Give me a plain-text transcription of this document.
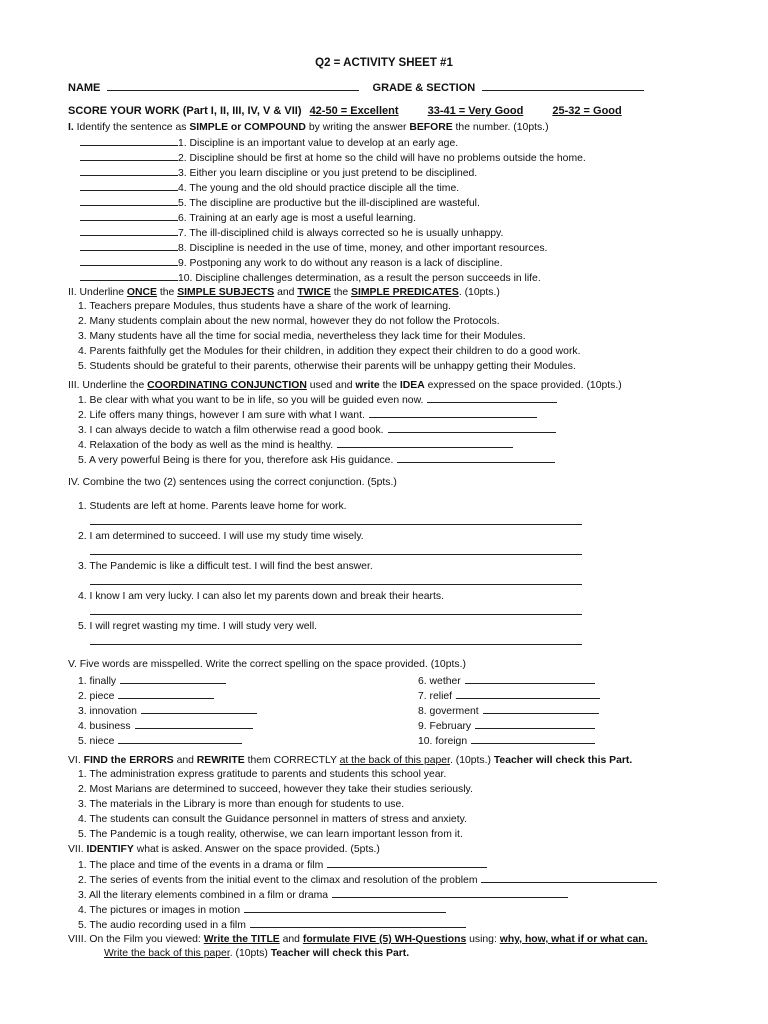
Q2 = ACTIVITY SHEET #1
NAME	GRADE & SECTION
SCORE YOUR WORK (Part I, II, III, IV, V & VII) 42-50 = Excellent	33-41 = Very Good	25-32 = Good
I. Identify the sentence as SIMPLE or COMPOUND by writing the answer BEFORE the number. (10pts.)
1. Discipline is an important value to develop at an early age.
2. Discipline should be first at home so the child will have no problems outside the home.
3. Either you learn discipline or you just pretend to be disciplined.
4. The young and the old should practice disciple all the time.
5. The discipline are productive but the ill-disciplined are wasteful.
6. Training at an early age is most a useful learning.
7. The ill-disciplined child is always corrected so he is usually unhappy.
8. Discipline is needed in the use of time, money, and other important resources.
9. Postponing any work to do without any reason is a lack of discipline.
10. Discipline challenges determination, as a result the person succeeds in life.
II. Underline ONCE the SIMPLE SUBJECTS and TWICE the SIMPLE PREDICATES. (10pts.)
1. Teachers prepare Modules, thus students have a share of the work of learning.
2. Many students complain about the new normal, however they do not follow the Protocols.
3. Many students have all the time for social media, nevertheless they lack time for their Modules.
4. Parents faithfully get the Modules for their children, in addition they expect their children to do a good work.
5. Students should be grateful to their parents, otherwise their parents will be unhappy getting their Modules.
III. Underline the COORDINATING CONJUNCTION used and write the IDEA expressed on the space provided. (10pts.)
1. Be clear with what you want to be in life, so you will be guided even now.
2. Life offers many things, however I am sure with what I want.
3. I can always decide to watch a film otherwise read a good book.
4. Relaxation of the body as well as the mind is healthy.
5. A very powerful Being is there for you, therefore ask His guidance.
IV. Combine the two (2) sentences using the correct conjunction. (5pts.)
1. Students are left at home. Parents leave home for work.
2. I am determined to succeed. I will use my study time wisely.
3. The Pandemic is like a difficult test. I will find the best answer.
4. I know I am very lucky. I can also let my parents down and break their hearts.
5. I will regret wasting my time. I will study very well.
V. Five words are misspelled. Write the correct spelling on the space provided. (10pts.)
1. finally
2. piece
3. innovation
4. business
5. niece
6. wether
7. relief
8. goverment
9. February
10. foreign
VI. FIND the ERRORS and REWRITE them CORRECTLY at the back of this paper. (10pts.) Teacher will check this Part.
1. The administration express gratitude to parents and students this school year.
2. Most Marians are determined to succeed, however they take their studies seriously.
3. The materials in the Library is more than enough for students to use.
4. The students can consult the Guidance personnel in matters of stress and anxiety.
5. The Pandemic is a tough reality, otherwise, we can learn important lesson from it.
VII. IDENTIFY what is asked. Answer on the space provided. (5pts.)
1. The place and time of the events in a drama or film
2. The series of events from the initial event to the climax and resolution of the problem
3. All the literary elements combined in a film or drama
4. The pictures or images in motion
5. The audio recording used in a film
VIII. On the Film you viewed: Write the TITLE and formulate FIVE (5) WH-Questions using: why, how, what if or what can.
Write the back of this paper. (10pts) Teacher will check this Part.
